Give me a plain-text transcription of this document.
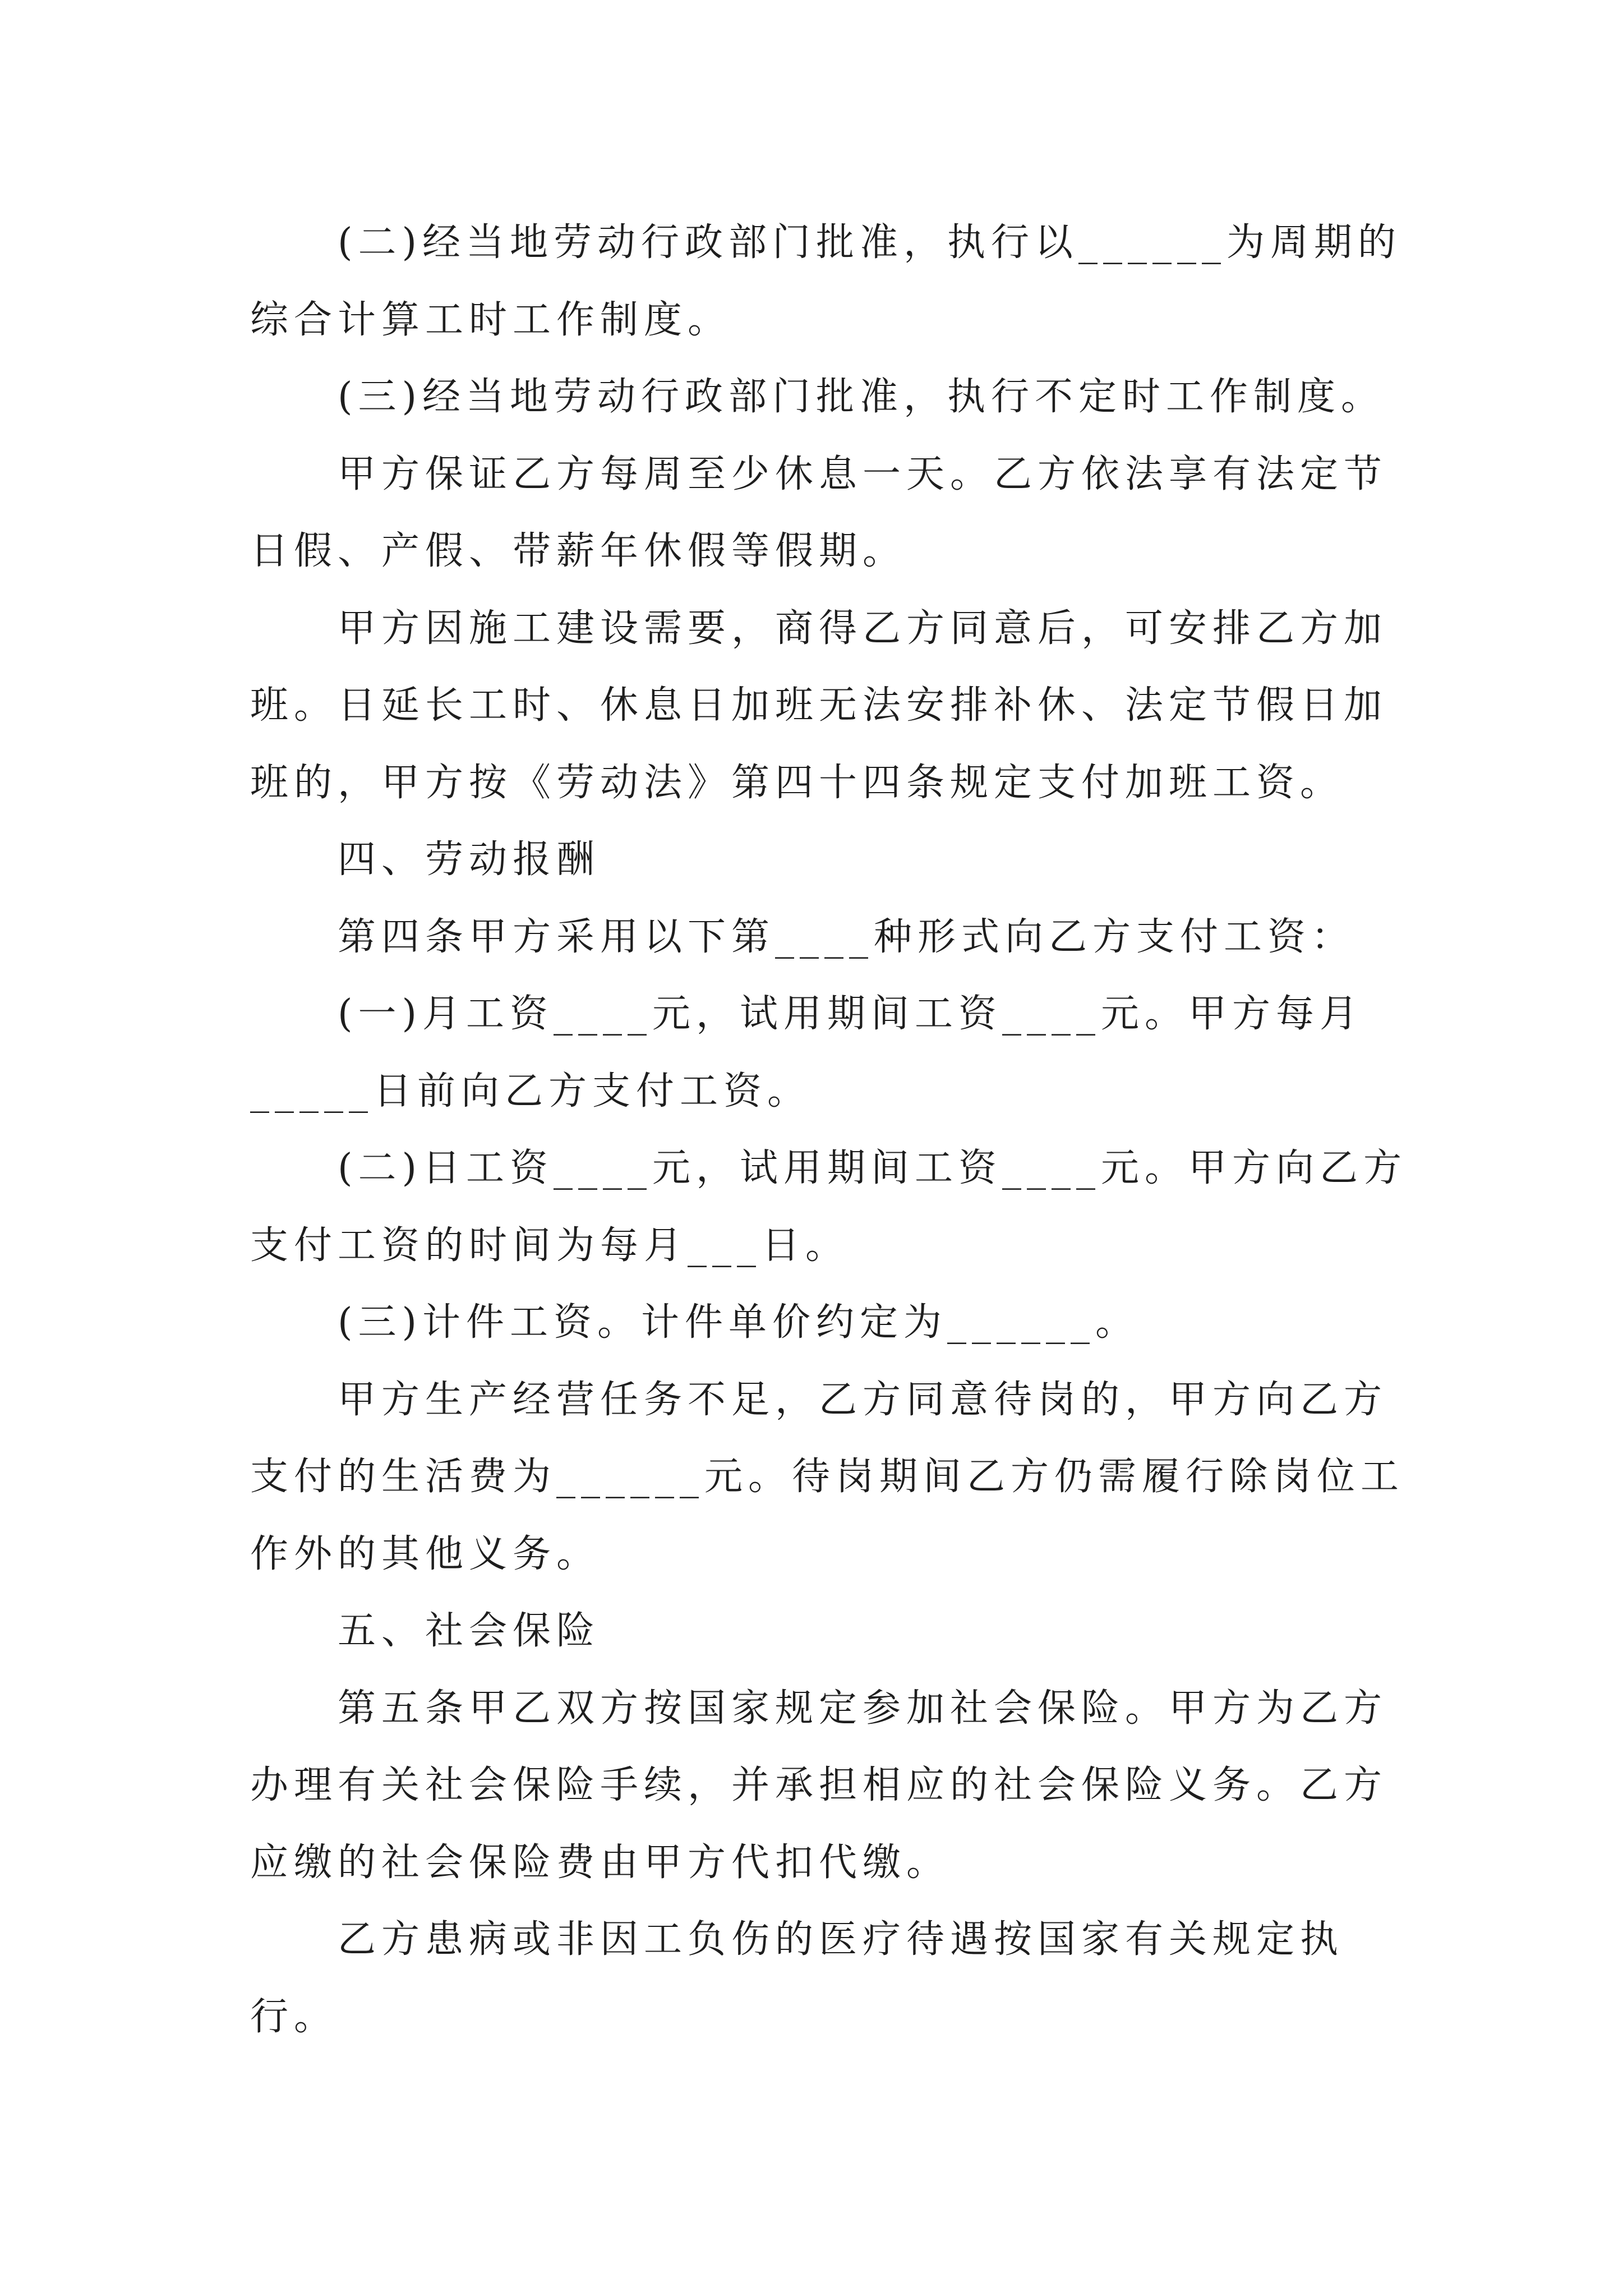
(二)经当地劳动行政部门批准，执行以______为周期的
综合计算工时工作制度。
(三)经当地劳动行政部门批准，执行不定时工作制度。
甲方保证乙方每周至少休息一天。乙方依法享有法定节
日假、产假、带薪年休假等假期。
甲方因施工建设需要，商得乙方同意后，可安排乙方加
班。日延长工时、休息日加班无法安排补休、法定节假日加
班的，甲方按《劳动法》第四十四条规定支付加班工资。
四、劳动报酬
第四条甲方采用以下第____种形式向乙方支付工资：
(一)月工资____元，试用期间工资____元。甲方每月
_____日前向乙方支付工资。
(二)日工资____元，试用期间工资____元。甲方向乙方
支付工资的时间为每月___日。
(三)计件工资。计件单价约定为______。
甲方生产经营任务不足，乙方同意待岗的，甲方向乙方
支付的生活费为______元。待岗期间乙方仍需履行除岗位工
作外的其他义务。
五、社会保险
第五条甲乙双方按国家规定参加社会保险。甲方为乙方
办理有关社会保险手续，并承担相应的社会保险义务。乙方
应缴的社会保险费由甲方代扣代缴。
乙方患病或非因工负伤的医疗待遇按国家有关规定执
行。
